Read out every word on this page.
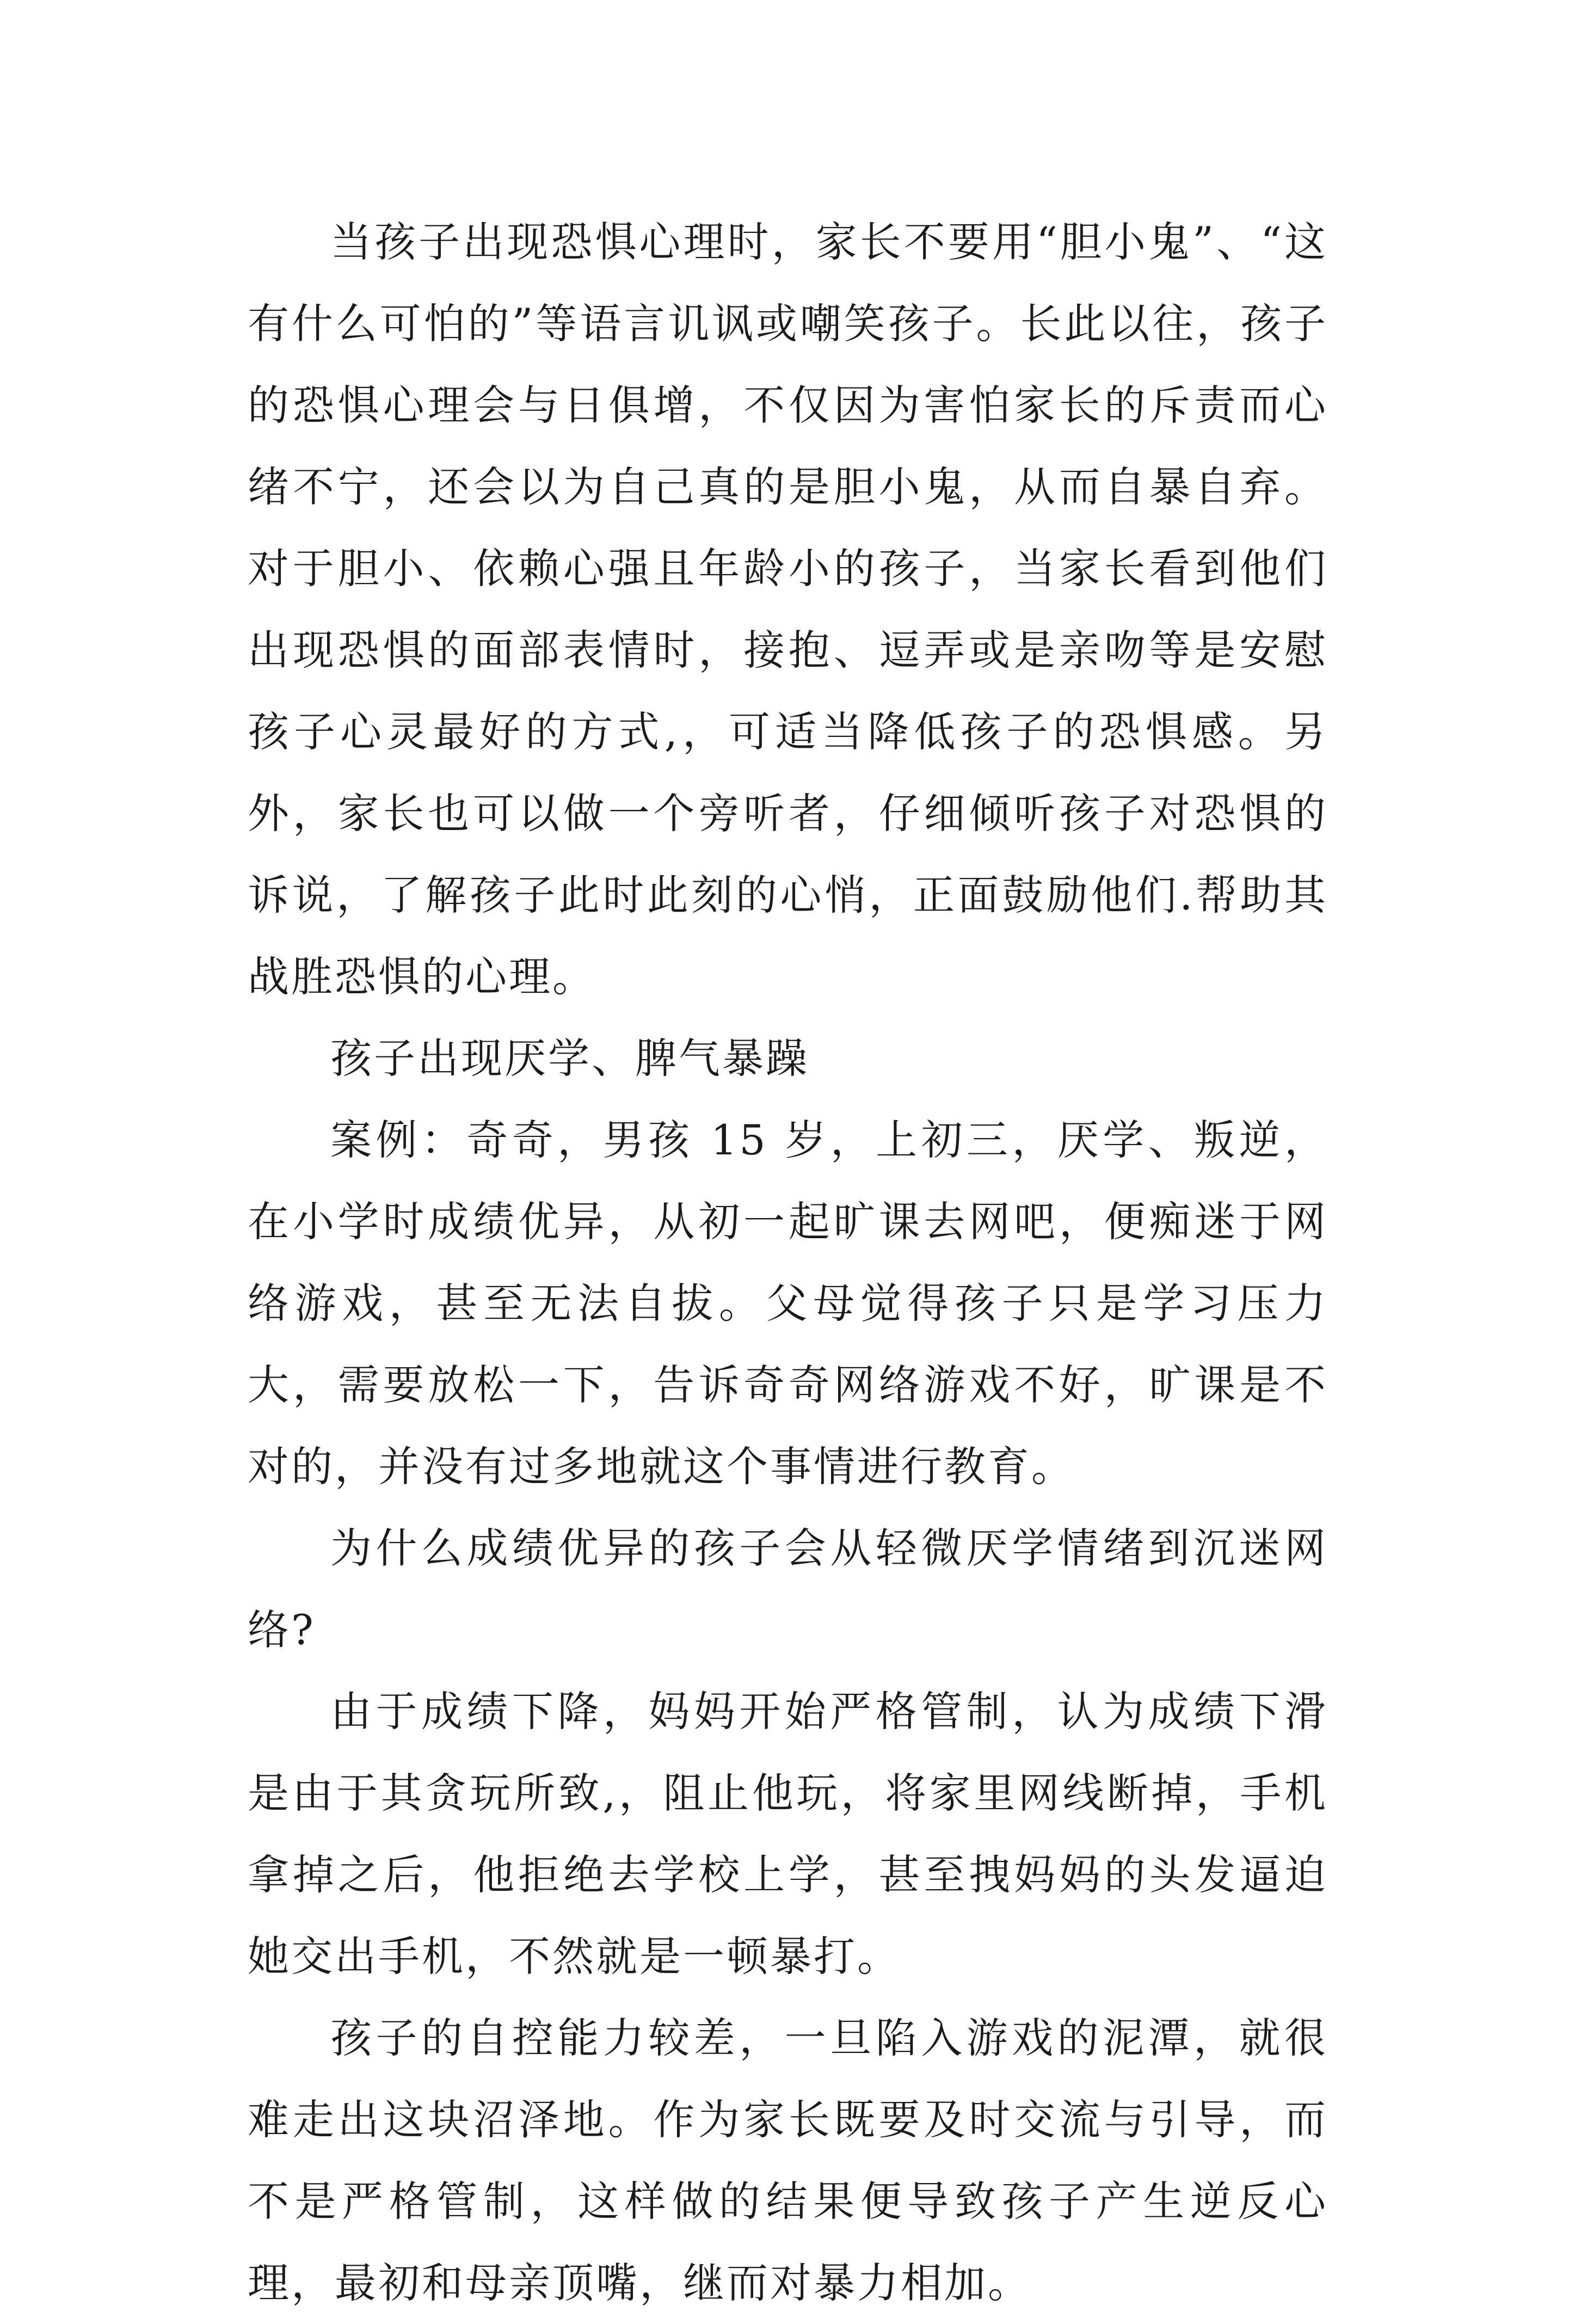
当孩子出现恐惧心理时，家长不要用“胆小鬼”、“这有什么可怕的”等语言讥讽或嘲笑孩子。长此以往，孩子的恐惧心理会与日俱增，不仅因为害怕家长的斥责而心绪不宁，还会以为自己真的是胆小鬼，从而自暴自弃。对于胆小、依赖心强且年龄小的孩子，当家长看到他们出现恐惧的面部表情时，接抱、逗弄或是亲吻等是安慰孩子心灵最好的方式,，可适当降低孩子的恐惧感。另外，家长也可以做一个旁听者，仔细倾听孩子对恐惧的诉说，了解孩子此时此刻的心悄，正面鼓励他们.帮助其战胜恐惧的心理。

孩子出现厌学、脾气暴躁

案例：奇奇，男孩 15 岁，上初三，厌学、叛逆，在小学时成绩优异，从初一起旷课去网吧，便痴迷于网络游戏，甚至无法自拔。父母觉得孩子只是学习压力大，需要放松一下，告诉奇奇网络游戏不好，旷课是不对的，并没有过多地就这个事情进行教育。

为什么成绩优异的孩子会从轻微厌学情绪到沉迷网络?

由于成绩下降，妈妈开始严格管制，认为成绩下滑是由于其贪玩所致,，阻止他玩，将家里网线断掉，手机拿掉之后，他拒绝去学校上学，甚至拽妈妈的头发逼迫她交出手机，不然就是一顿暴打。

孩子的自控能力较差，一旦陷入游戏的泥潭，就很难走出这块沼泽地。作为家长既要及时交流与引导，而不是严格管制，这样做的结果便导致孩子产生逆反心理，最初和母亲顶嘴，继而对暴力相加。
